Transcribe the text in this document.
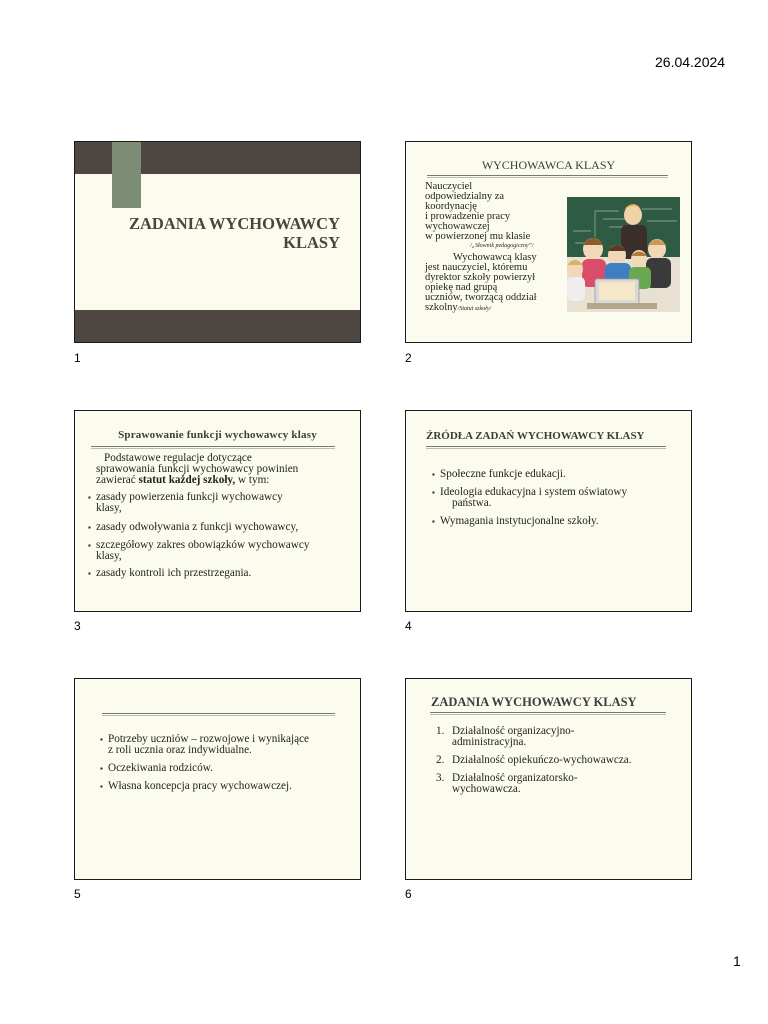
26.04.2024
ZADANIA WYCHOWAWCY
KLASY
1
WYCHOWAWCA KLASY
Nauczyciel
odpowiedzialny za
koordynację
i prowadzenie pracy
wychowawczej
w powierzonej mu klasie
/„Słownik pedagogiczny”/
Wychowawcą klasy
jest nauczyciel, któremu
dyrektor szkoły powierzył
opiekę nad grupą
uczniów, tworzącą oddział
szkolny/Statut szkoły/
2
Sprawowanie funkcji wychowawcy klasy
Podstawowe regulacje dotyczące
sprawowania funkcji wychowawcy powinien
zawierać statut każdej szkoły, w tym:
▪ zasady powierzenia funkcji wychowawcy
klasy,
▪ zasady odwoływania z funkcji wychowawcy,
▪ szczegółowy zakres obowiązków wychowawcy
klasy,
▪ zasady kontroli ich przestrzegania.
3
ŹRÓDŁA ZADAŃ WYCHOWAWCY KLASY
▪ Społeczne funkcje edukacji.
▪ Ideologia edukacyjna i system oświatowy
państwa.
▪ Wymagania instytucjonalne szkoły.
4
▪ Potrzeby uczniów – rozwojowe i wynikające
z roli ucznia oraz indywidualne.
▪ Oczekiwania rodziców.
▪ Własna koncepcja pracy wychowawczej.
5
ZADANIA WYCHOWAWCY KLASY
1. Działalność organizacyjno-
administracyjna.
2. Działalność opiekuńczo-wychowawcza.
3. Działalność organizatorsko-
wychowawcza.
6
1
